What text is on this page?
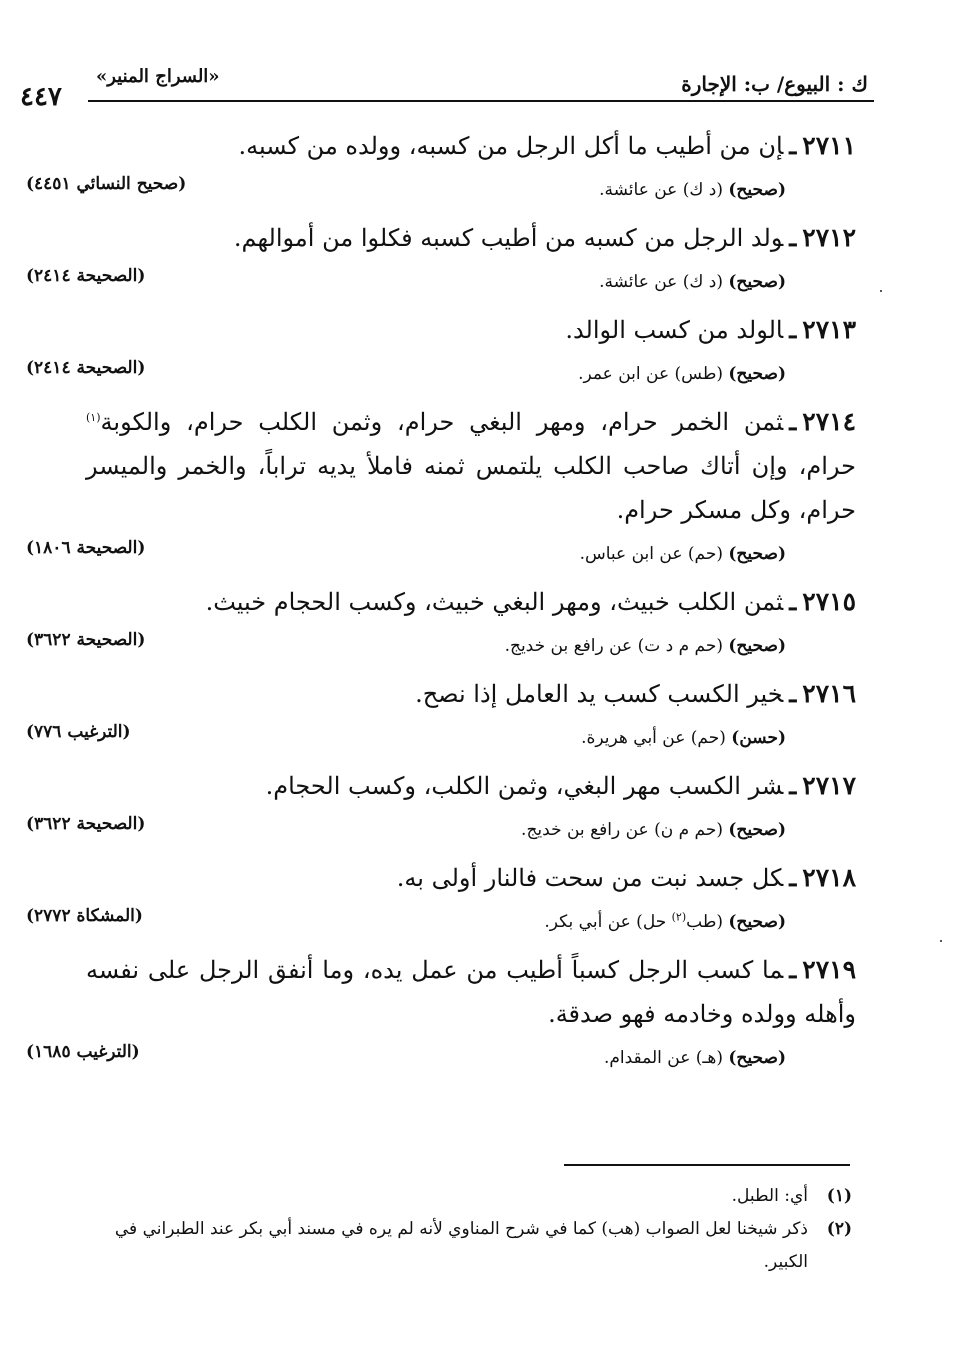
ك : البيوع/ ب: الإجارة
«السراج المنير»
٤٤٧

٢٧١١ـإن من أطيب ما أكل الرجل من كسبه، وولده من كسبه.

(صحيح) (د ك) عن عائشة.
(صحيح النسائي ٤٤٥١)

٢٧١٢ـولد الرجل من كسبه من أطيب كسبه فكلوا من أموالهم.

(صحيح) (د ك) عن عائشة.
(الصحيحة ٢٤١٤)

٢٧١٣ـالولد من كسب الوالد.

(صحيح) (طس) عن ابن عمر.
(الصحيحة ٢٤١٤)

٢٧١٤ـثمن الخمر حرام، ومهر البغي حرام، وثمن الكلب حرام، والكوبة$^{(١)}$ حرام، وإن أتاك صاحب الكلب يلتمس ثمنه فاملأ يديه تراباً، والخمر والميسر حرام، وكل مسكر حرام.

(صحيح) (حم) عن ابن عباس.
(الصحيحة ١٨٠٦)

٢٧١٥ـثمن الكلب خبيث، ومهر البغي خبيث، وكسب الحجام خبيث.

(صحيح) (حم م د ت) عن رافع بن خديج.
(الصحيحة ٣٦٢٢)

٢٧١٦ـخير الكسب كسب يد العامل إذا نصح.

(حسن) (حم) عن أبي هريرة.
(الترغيب ٧٧٦)

٢٧١٧ـشر الكسب مهر البغي، وثمن الكلب، وكسب الحجام.

(صحيح) (حم م ن) عن رافع بن خديج.
(الصحيحة ٣٦٢٢)

٢٧١٨ـكل جسد نبت من سحت فالنار أولى به.

(صحيح) (طب$^{(٢)}$ حل) عن أبي بكر.
(المشكاة ٢٧٧٢)

٢٧١٩ـما كسب الرجل كسباً أطيب من عمل يده، وما أنفق الرجل على نفسه وأهله وولده وخادمه فهو صدقة.

(صحيح) (هـ) عن المقدام.
(الترغيب ١٦٨٥)
(١)
أي: الطبل.
(٢)
ذكر شيخنا لعل الصواب (هب) كما في شرح المناوي لأنه لم يره في مسند أبي بكر عند الطبراني في الكبير.
